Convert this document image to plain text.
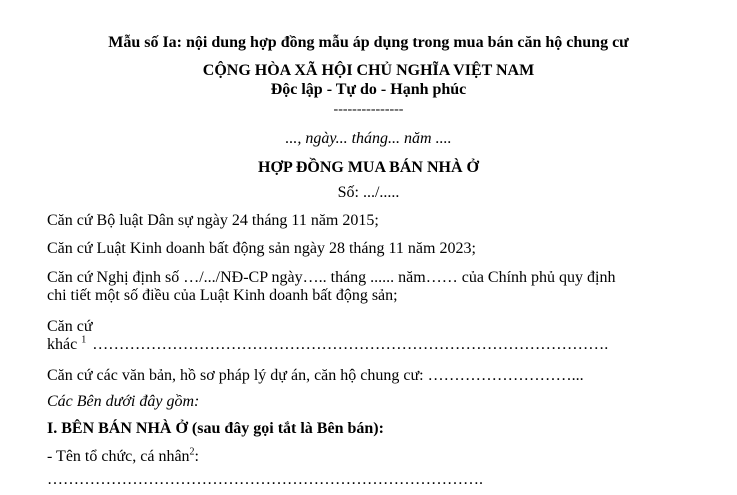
Mẫu số Ia: nội dung hợp đồng mẫu áp dụng trong mua bán căn hộ chung cư
CỘNG HÒA XÃ HỘI CHỦ NGHĨA VIỆT NAM
Độc lập - Tự do - Hạnh phúc
---------------
..., ngày... tháng... năm ....
HỢP ĐỒNG MUA BÁN NHÀ Ở
Số: .../.....
Căn cứ Bộ luật Dân sự ngày 24 tháng 11 năm 2015;
Căn cứ Luật Kinh doanh bất động sản ngày 28 tháng 11 năm 2023;
Căn cứ Nghị định số …/.../NĐ-CP ngày….. tháng ...... năm…… của Chính phủ quy định
chi tiết một số điều của Luật Kinh doanh bất động sản;
Căn cứ
khác $^1$ …………………………………………………………………………………….
Căn cứ các văn bản, hồ sơ pháp lý dự án, căn hộ chung cư: ………………………...
Các Bên dưới đây gồm:
I. BÊN BÁN NHÀ Ở (sau đây gọi tắt là Bên bán):
- Tên tổ chức, cá nhân$^2$:
……………………………………………………………………….
